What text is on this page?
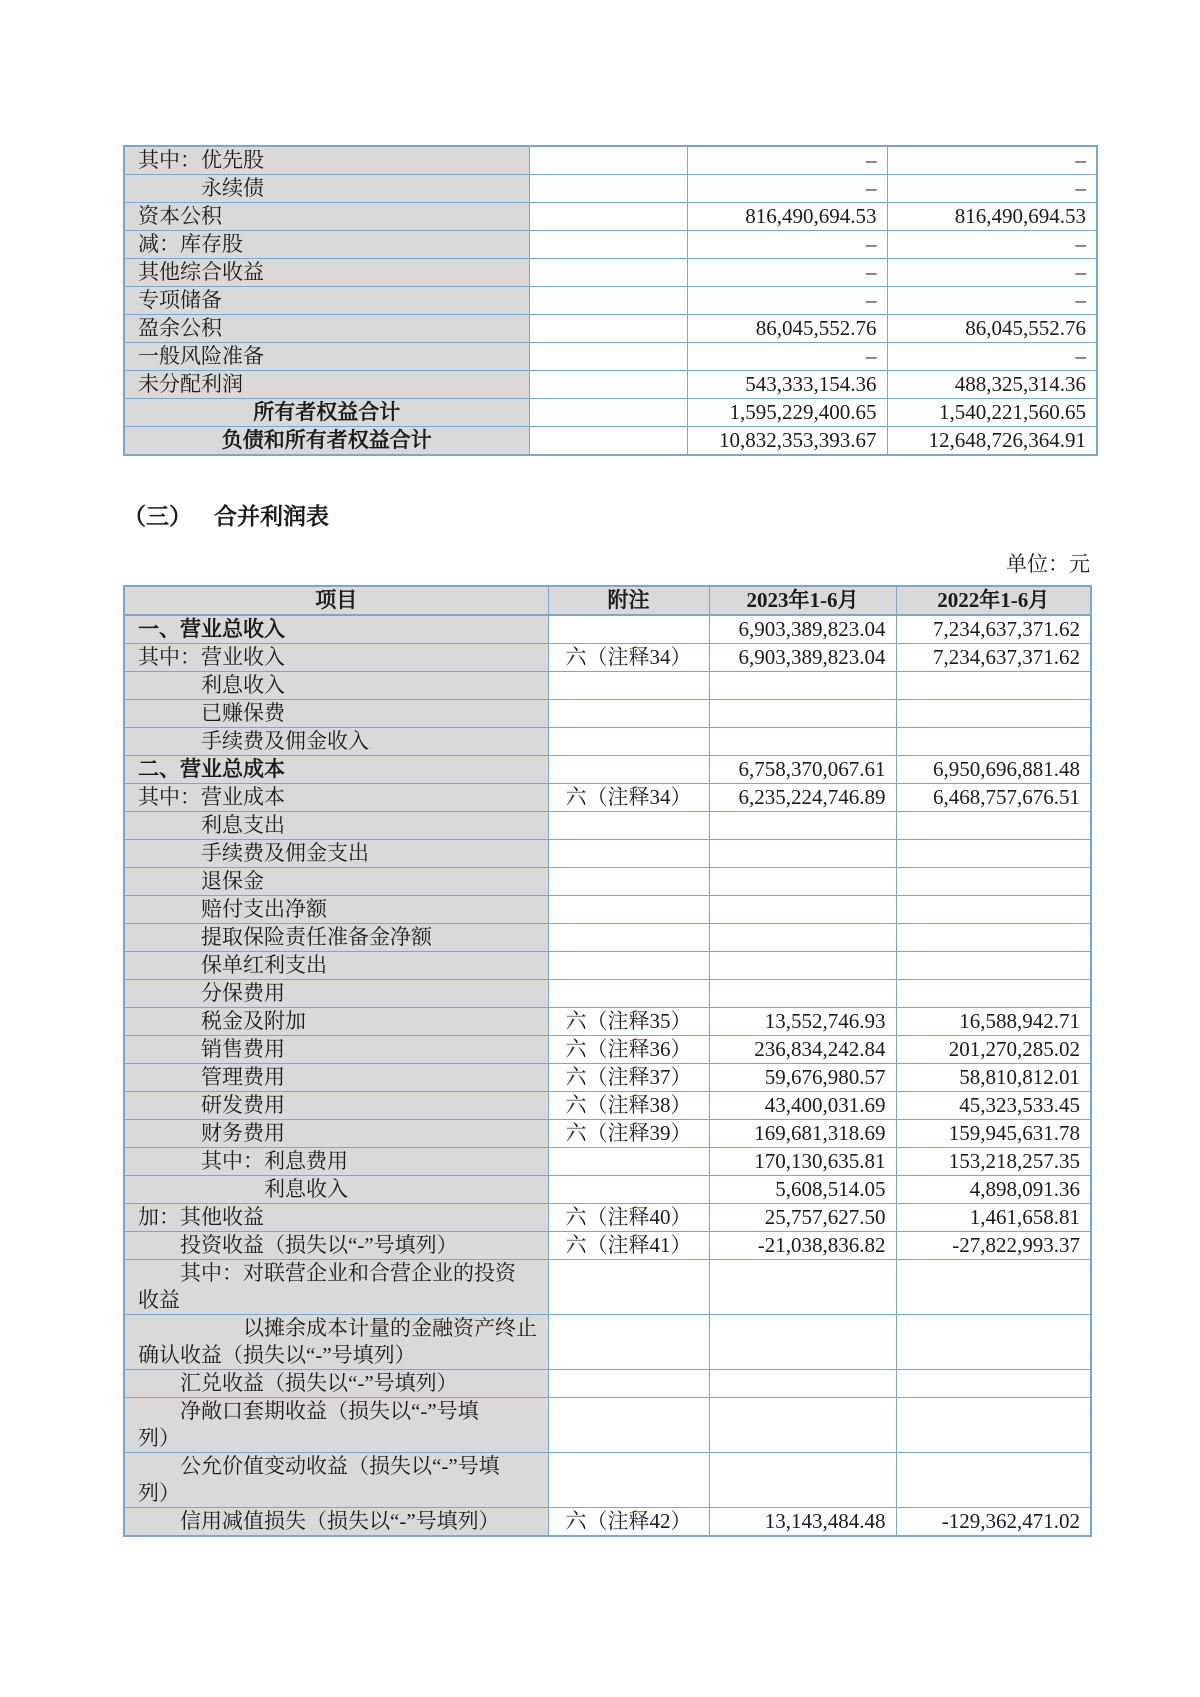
其中：优先股		–	–

永续债		–	–

资本公积		816,490,694.53	816,490,694.53

减：库存股		–	–

其他综合收益		–	–

专项储备		–	–

盈余公积		86,045,552.76	86,045,552.76

一般风险准备		–	–

未分配利润		543,333,154.36	488,325,314.36

所有者权益合计		1,595,229,400.65	1,540,221,560.65

负债和所有者权益合计		10,832,353,393.67	12,648,726,364.91
（三） 合并利润表
单位：元
项目	附注	2023年1-6月	2022年1-6月

一、营业总收入		6,903,389,823.04	7,234,637,371.62

其中：营业收入	六（注释34）	6,903,389,823.04	7,234,637,371.62

利息收入			

已赚保费			

手续费及佣金收入			

二、营业总成本		6,758,370,067.61	6,950,696,881.48

其中：营业成本	六（注释34）	6,235,224,746.89	6,468,757,676.51

利息支出			

手续费及佣金支出			

退保金			

赔付支出净额			

提取保险责任准备金净额			

保单红利支出			

分保费用			

税金及附加	六（注释35）	13,552,746.93	16,588,942.71

销售费用	六（注释36）	236,834,242.84	201,270,285.02

管理费用	六（注释37）	59,676,980.57	58,810,812.01

研发费用	六（注释38）	43,400,031.69	45,323,533.45

财务费用	六（注释39）	169,681,318.69	159,945,631.78

其中：利息费用		170,130,635.81	153,218,257.35

利息收入		5,608,514.05	4,898,091.36

加：其他收益	六（注释40）	25,757,627.50	1,461,658.81

投资收益（损失以“-”号填列）	六（注释41）	-21,038,836.82	-27,822,993.37

其中：对联营企业和合营企业的投资
收益			

以摊余成本计量的金融资产终止
确认收益（损失以“-”号填列）			

汇兑收益（损失以“-”号填列）			

净敞口套期收益（损失以“-”号填
列）			

公允价值变动收益（损失以“-”号填
列）			

信用减值损失（损失以“-”号填列）	六（注释42）	13,143,484.48	-129,362,471.02
